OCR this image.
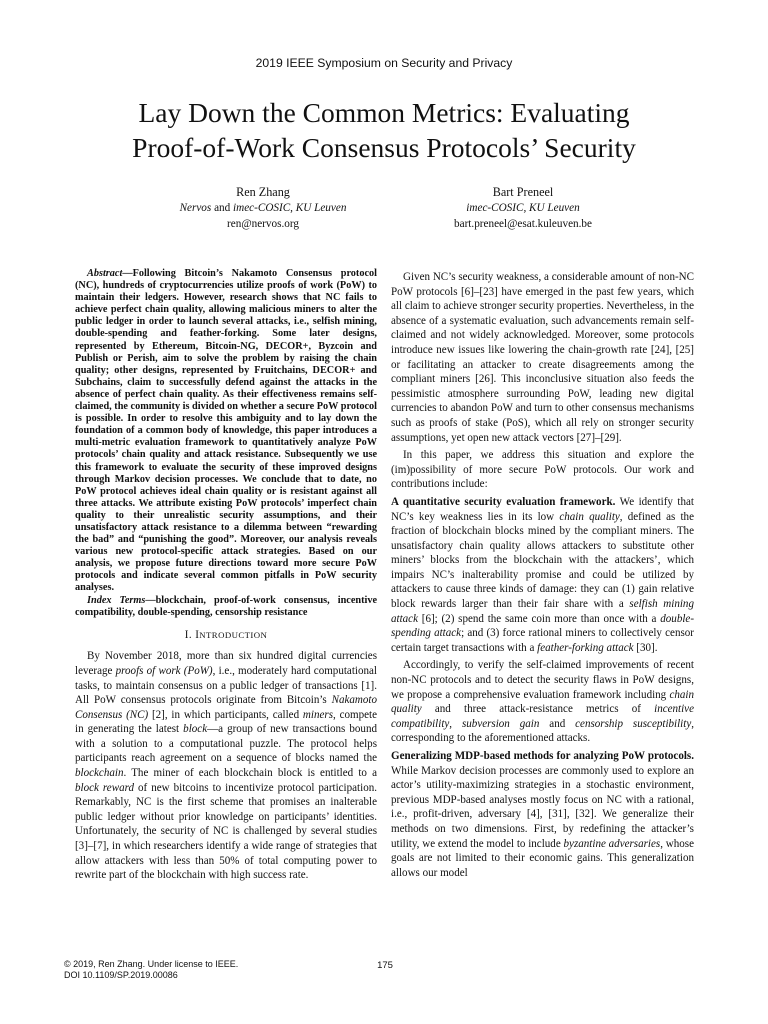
2019 IEEE Symposium on Security and Privacy
Lay Down the Common Metrics: Evaluating
Proof-of-Work Consensus Protocols’ Security
Ren Zhang
Nervos and imec-COSIC, KU Leuven
ren@nervos.org
Bart Preneel
imec-COSIC, KU Leuven
bart.preneel@esat.kuleuven.be

Abstract—Following Bitcoin’s Nakamoto Consensus protocol (NC), hundreds of cryptocurrencies utilize proofs of work (PoW) to maintain their ledgers. However, research shows that NC fails to achieve perfect chain quality, allowing malicious miners to alter the public ledger in order to launch several attacks, i.e., selfish mining, double-spending and feather-forking. Some later designs, represented by Ethereum, Bitcoin-NG, DECOR+, Byzcoin and Publish or Perish, aim to solve the problem by raising the chain quality; other designs, represented by Fruitchains, DECOR+ and Subchains, claim to successfully defend against the attacks in the absence of perfect chain quality. As their effectiveness remains self-claimed, the community is divided on whether a secure PoW protocol is possible. In order to resolve this ambiguity and to lay down the foundation of a common body of knowledge, this paper introduces a multi-metric evaluation framework to quantitatively analyze PoW protocols’ chain quality and attack resistance. Subsequently we use this framework to evaluate the security of these improved designs through Markov decision processes. We conclude that to date, no PoW protocol achieves ideal chain quality or is resistant against all three attacks. We attribute existing PoW protocols’ imperfect chain quality to their unrealistic security assumptions, and their unsatisfactory attack resistance to a dilemma between “rewarding the bad” and “punishing the good”. Moreover, our analysis reveals various new protocol-specific attack strategies. Based on our analysis, we propose future directions toward more secure PoW protocols and indicate several common pitfalls in PoW security analyses.

Index Terms—blockchain, proof-of-work consensus, incentive compatibility, double-spending, censorship resistance

I. INTRODUCTION

By November 2018, more than six hundred digital currencies leverage proofs of work (PoW), i.e., moderately hard computational tasks, to maintain consensus on a public ledger of transactions [1]. All PoW consensus protocols originate from Bitcoin’s Nakamoto Consensus (NC) [2], in which participants, called miners, compete in generating the latest block—a group of new transactions bound with a solution to a computational puzzle. The protocol helps participants reach agreement on a sequence of blocks named the blockchain. The miner of each blockchain block is entitled to a block reward of new bitcoins to incentivize protocol participation. Remarkably, NC is the first scheme that promises an inalterable public ledger without prior knowledge on participants’ identities. Unfortunately, the security of NC is challenged by several studies [3]–[7], in which researchers identify a wide range of strategies that allow attackers with less than 50% of total computing power to rewrite part of the blockchain with high success rate.

Given NC’s security weakness, a considerable amount of non-NC PoW protocols [6]–[23] have emerged in the past few years, which all claim to achieve stronger security properties. Nevertheless, in the absence of a systematic evaluation, such advancements remain self-claimed and not widely acknowledged. Moreover, some protocols introduce new issues like lowering the chain-growth rate [24], [25] or facilitating an attacker to create disagreements among the compliant miners [26]. This inconclusive situation also feeds the pessimistic atmosphere surrounding PoW, leading new digital currencies to abandon PoW and turn to other consensus mechanisms such as proofs of stake (PoS), which all rely on stronger security assumptions, yet open new attack vectors [27]–[29].

In this paper, we address this situation and explore the (im)possibility of more secure PoW protocols. Our work and contributions include:

A quantitative security evaluation framework. We identify that NC’s key weakness lies in its low chain quality, defined as the fraction of blockchain blocks mined by the compliant miners. The unsatisfactory chain quality allows attackers to substitute other miners’ blocks from the blockchain with the attackers’, which impairs NC’s inalterability promise and could be utilized by attackers to cause three kinds of damage: they can (1) gain relative block rewards larger than their fair share with a selfish mining attack [6]; (2) spend the same coin more than once with a double-spending attack; and (3) force rational miners to collectively censor certain target transactions with a feather-forking attack [30].

Accordingly, to verify the self-claimed improvements of recent non-NC protocols and to detect the security flaws in PoW designs, we propose a comprehensive evaluation framework including chain quality and three attack-resistance metrics of incentive compatibility, subversion gain and censorship susceptibility, corresponding to the aforementioned attacks.

Generalizing MDP-based methods for analyzing PoW protocols. While Markov decision processes are commonly used to explore an actor’s utility-maximizing strategies in a stochastic environment, previous MDP-based analyses mostly focus on NC with a rational, i.e., profit-driven, adversary [4], [31], [32]. We generalize their methods on two dimensions. First, by redefining the attacker’s utility, we extend the model to include byzantine adversaries, whose goals are not limited to their economic gains. This generalization allows our model

© 2019, Ren Zhang. Under license to IEEE.
DOI 10.1109/SP.2019.00086
175
